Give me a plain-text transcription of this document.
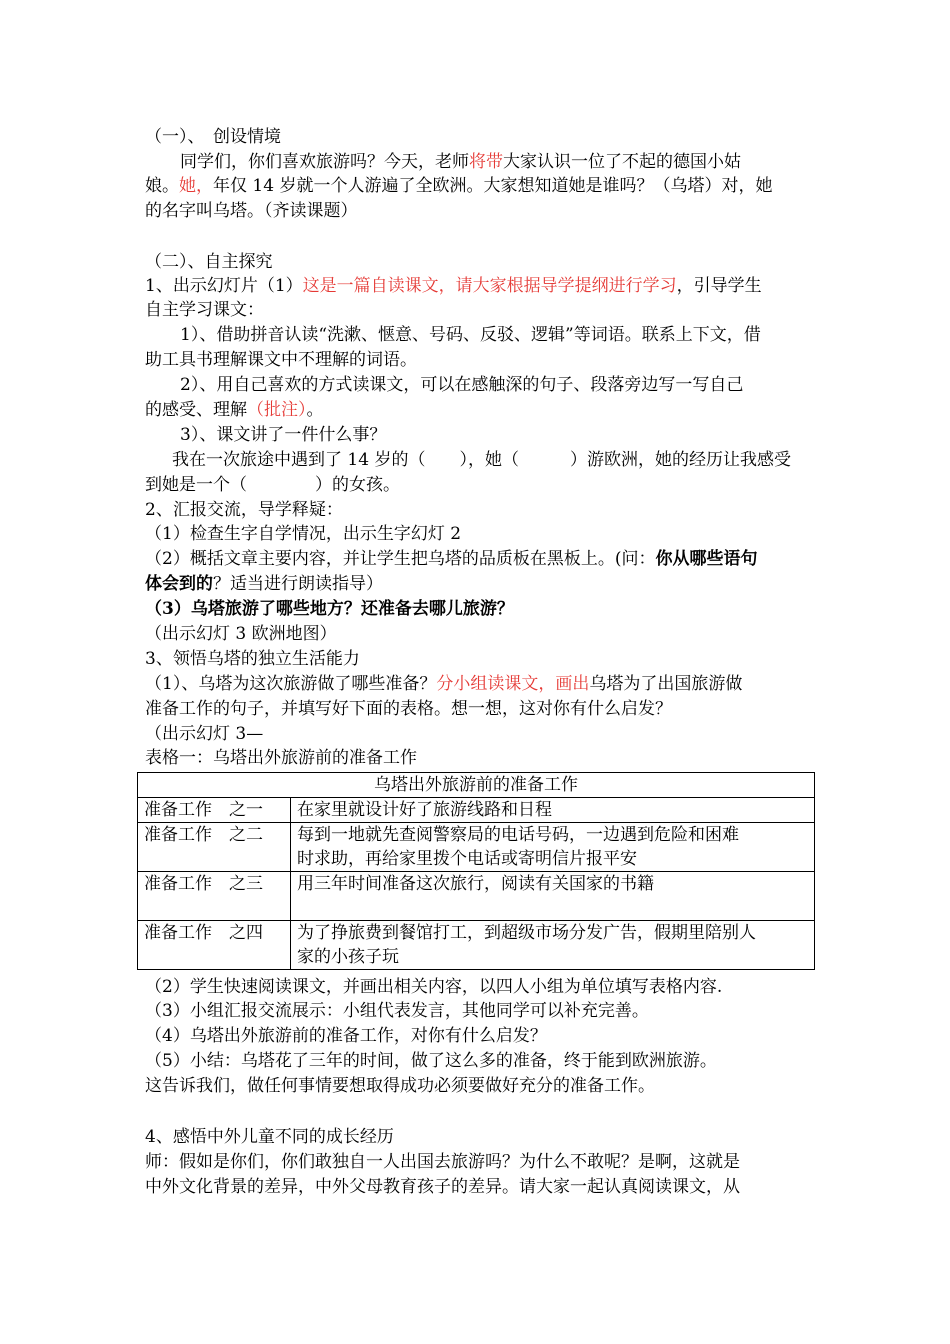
（一）、　创设情境
同学们，你们喜欢旅游吗？今天，老师将带大家认识一位了不起的德国小姑
娘。她，年仅 14 岁就一个人游遍了全欧洲。大家想知道她是谁吗？（乌塔）对，她
的名字叫乌塔。（齐读课题）
（二）、自主探究
1、出示幻灯片（1）这是一篇自读课文，请大家根据导学提纲进行学习，引导学生
自主学习课文：
1）、借助拼音认读“洗漱、惬意、号码、反驳、逻辑”等词语。联系上下文，借
助工具书理解课文中不理解的词语。
2）、用自己喜欢的方式读课文，可以在感触深的句子、段落旁边写一写自己
的感受、理解（批注）。
3）、课文讲了一件什么事？
我在一次旅途中遇到了 14 岁的（　　），她（　　　）游欧洲，她的经历让我感受
到她是一个（　　　　）的女孩。
2、汇报交流，导学释疑：
（1）检查生字自学情况，出示生字幻灯 2
（2）概括文章主要内容，并让学生把乌塔的品质板在黑板上。(问：你从哪些语句
体会到的？适当进行朗读指导）
（3）乌塔旅游了哪些地方？还准备去哪儿旅游？
（出示幻灯 3 欧洲地图）
3、领悟乌塔的独立生活能力
（1）、乌塔为这次旅游做了哪些准备？分小组读课文，画出乌塔为了出国旅游做
准备工作的句子，并填写好下面的表格。想一想，这对你有什么启发？
（出示幻灯 3—
表格一：乌塔出外旅游前的准备工作
乌塔出外旅游前的准备工作	
准备工作　之一	在家里就设计好了旅游线路和日程
准备工作　之二	每到一地就先查阅警察局的电话号码，一边遇到危险和困难
时求助，再给家里拨个电话或寄明信片报平安
准备工作　之三	用三年时间准备这次旅行，阅读有关国家的书籍
准备工作　之四	为了挣旅费到餐馆打工，到超级市场分发广告，假期里陪别人
家的小孩子玩
（2）学生快速阅读课文，并画出相关内容，以四人小组为单位填写表格内容.
（3）小组汇报交流展示：小组代表发言，其他同学可以补充完善。
（4）乌塔出外旅游前的准备工作，对你有什么启发？
（5）小结：乌塔花了三年的时间，做了这么多的准备，终于能到欧洲旅游。
这告诉我们，做任何事情要想取得成功必须要做好充分的准备工作。
4、感悟中外儿童不同的成长经历
师：假如是你们，你们敢独自一人出国去旅游吗？为什么不敢呢？是啊，这就是
中外文化背景的差异，中外父母教育孩子的差异。请大家一起认真阅读课文，从
